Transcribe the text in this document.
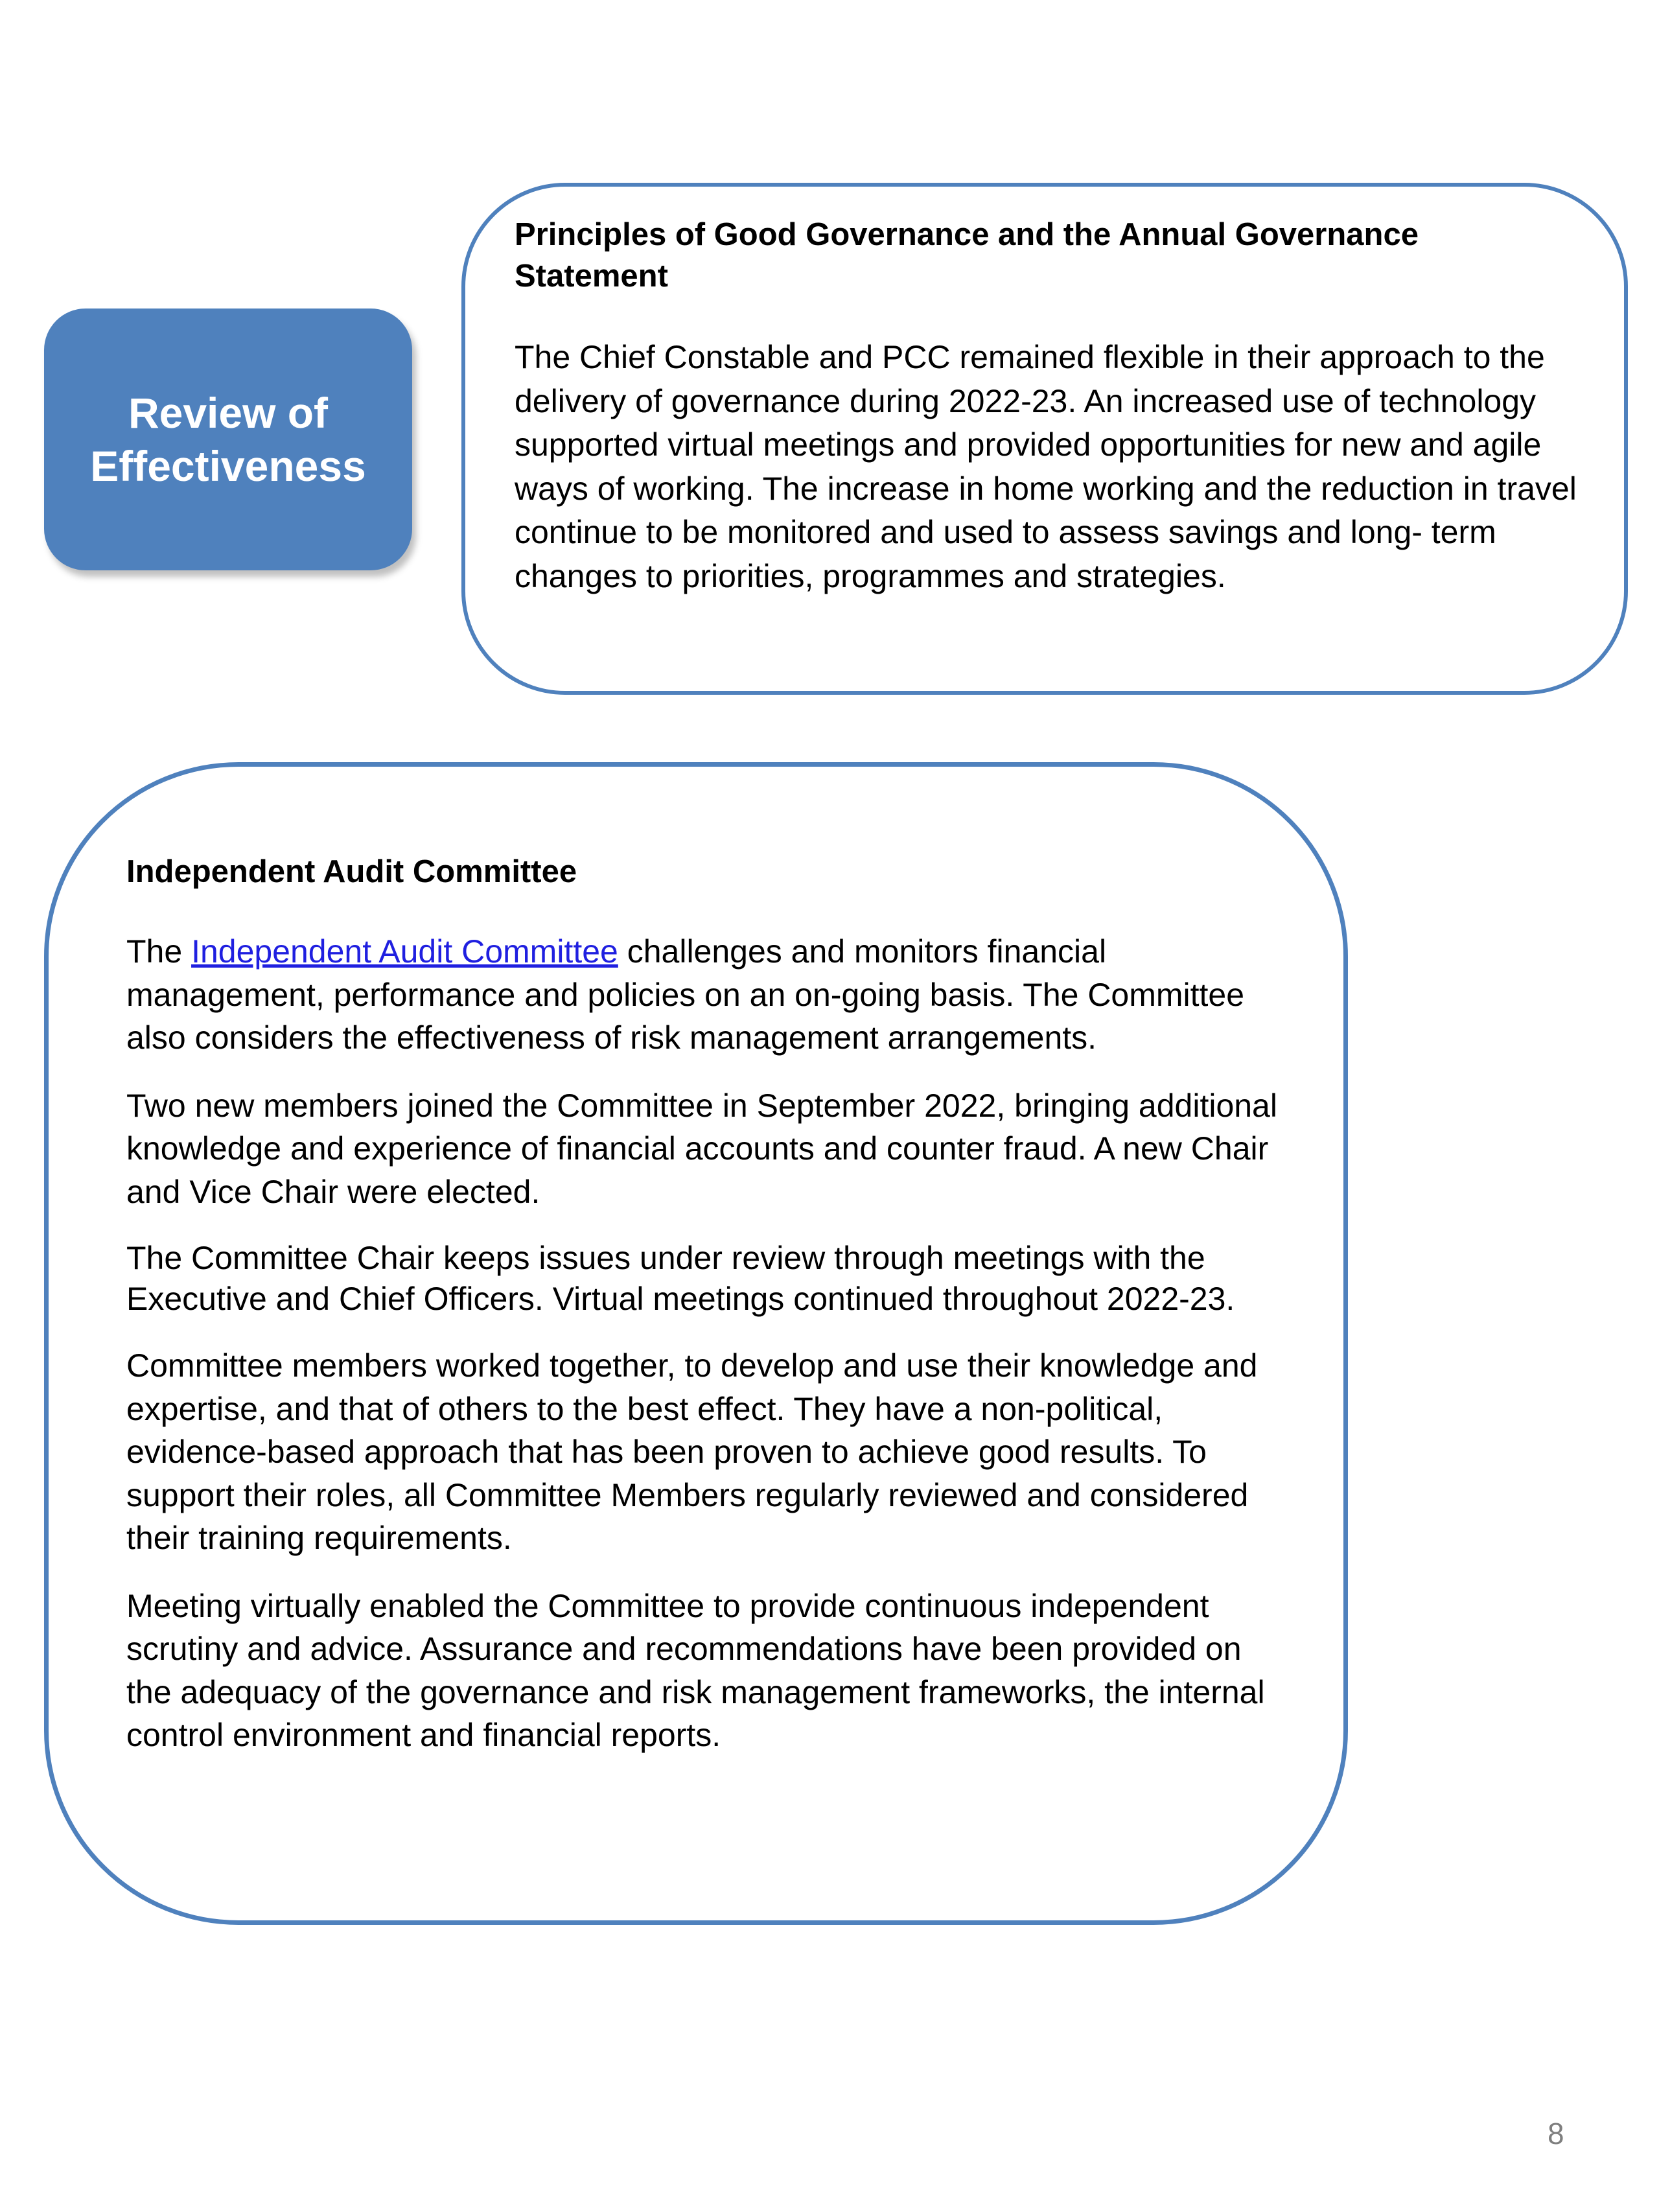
Review of Effectiveness
Principles of Good Governance and the Annual Governance Statement

The Chief Constable and PCC remained flexible in their approach to the delivery of governance during 2022-23. An increased use of technology supported virtual meetings and provided opportunities for new and agile ways of working. The increase in home working and the reduction in travel continue to be monitored and used to assess savings and long- term changes to priorities, programmes and strategies.

Independent Audit Committee

The Independent Audit Committee challenges and monitors financial management, performance and policies on an on-going basis. The Committee also considers the effectiveness of risk management arrangements.

Two new members joined the Committee in September 2022, bringing additional knowledge and experience of financial accounts and counter fraud. A new Chair and Vice Chair were elected.

The Committee Chair keeps issues under review through meetings with the Executive and Chief Officers. Virtual meetings continued throughout 2022-23.

Committee members worked together, to develop and use their knowledge and expertise, and that of others to the best effect. They have a non-political, evidence-based approach that has been proven to achieve good results. To support their roles, all Committee Members regularly reviewed and considered their training requirements.

Meeting virtually enabled the Committee to provide continuous independent scrutiny and advice. Assurance and recommendations have been provided on the adequacy of the governance and risk management frameworks, the internal control environment and financial reports.

8
